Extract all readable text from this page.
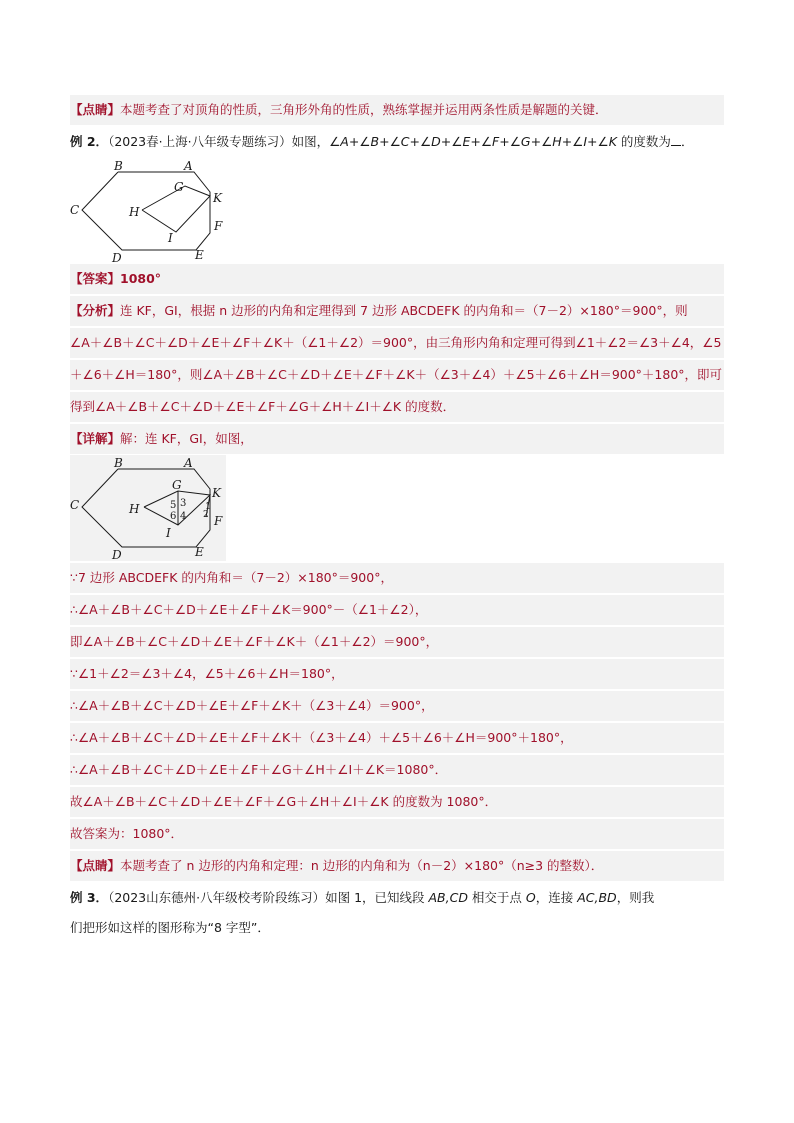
【点睛】本题考查了对顶角的性质，三角形外角的性质，熟练掌握并运用两条性质是解题的关键．
例 2．（2023春·上海·八年级专题练习）如图，∠A+∠B+∠C+∠D+∠E+∠F+∠G+∠H+∠I+∠K 的度数为 ．
B	A
G
K
C	H
F
I
D	E
【答案】1080°
【分析】连 KF，GI，根据 n 边形的内角和定理得到 7 边形 ABCDEFK 的内角和＝（7－2）×180°＝900°，则
∠A＋∠B＋∠C＋∠D＋∠E＋∠F＋∠K＋（∠1＋∠2）＝900°，由三角形内角和定理可得到∠1＋∠2＝∠3＋∠4，∠5
＋∠6＋∠H＝180°，则∠A＋∠B＋∠C＋∠D＋∠E＋∠F＋∠K＋（∠3＋∠4）＋∠5＋∠6＋∠H＝900°＋180°，即可
得到∠A＋∠B＋∠C＋∠D＋∠E＋∠F＋∠G＋∠H＋∠I＋∠K 的度数．
【详解】解：连 KF，GI，如图，
B	A
G
K
C	H	5 3
6 4
1
2 F
I
D	E
∵7 边形 ABCDEFK 的内角和＝（7－2）×180°＝900°，
∴∠A＋∠B＋∠C＋∠D＋∠E＋∠F＋∠K＝900°－（∠1＋∠2），
即∠A＋∠B＋∠C＋∠D＋∠E＋∠F＋∠K＋（∠1＋∠2）＝900°，
∵∠1＋∠2＝∠3＋∠4，∠5＋∠6＋∠H＝180°，
∴∠A＋∠B＋∠C＋∠D＋∠E＋∠F＋∠K＋（∠3＋∠4）＝900°，
∴∠A＋∠B＋∠C＋∠D＋∠E＋∠F＋∠K＋（∠3＋∠4）＋∠5＋∠6＋∠H＝900°＋180°，
∴∠A＋∠B＋∠C＋∠D＋∠E＋∠F＋∠G＋∠H＋∠I＋∠K＝1080°．
故∠A＋∠B＋∠C＋∠D＋∠E＋∠F＋∠G＋∠H＋∠I＋∠K 的度数为 1080°．
故答案为：1080°．
【点睛】本题考查了 n 边形的内角和定理：n 边形的内角和为（n－2）×180°（n≥3 的整数）．
例 3．（2023山东德州·八年级校考阶段练习）如图 1，已知线段 AB,CD 相交于点 O，连接 AC,BD，则我
们把形如这样的图形称为“8 字型”．
